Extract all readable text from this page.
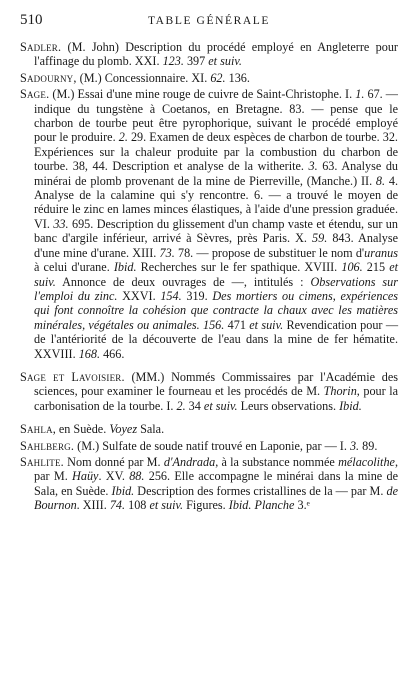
510	TABLE GÉNÉRALE

Sadler. (M. John) Description du procédé employé en Angleterre pour l'affinage du plomb. XXI. 123. 397 et suiv.

Sadourny, (M.) Concessionnaire. XI. 62. 136.

Sage. (M.) Essai d'une mine rouge de cuivre de Saint-Christophe. I. 1. 67. — indique du tungstène à Coetanos, en Bretagne. 83. — pense que le charbon de tourbe peut être pyrophorique, suivant le procédé employé pour le produire. 2. 29. Examen de deux espèces de charbon de tourbe. 32. Expériences sur la chaleur produite par la combustion du charbon de tourbe. 38, 44. Description et analyse de la witherite. 3. 63. Analyse du minérai de plomb provenant de la mine de Pierreville, (Manche.) II. 8. 4. Analyse de la calamine qui s'y rencontre. 6. — a trouvé le moyen de réduire le zinc en lames minces élastiques, à l'aide d'une pression graduée. VI. 33. 695. Description du glissement d'un champ vaste et étendu, sur un banc d'argile inférieur, arrivé à Sèvres, près Paris. X. 59. 843. Analyse d'une mine d'urane. XIII. 73. 78. — propose de substituer le nom d'uranus à celui d'urane. Ibid. Recherches sur le fer spathique. XVIII. 106. 215 et suiv. Annonce de deux ouvrages de —, intitulés : Observations sur l'emploi du zinc. XXVI. 154. 319. Des mortiers ou cimens, expériences qui font connoître la cohésion que contracte la chaux avec les matières minérales, végétales ou animales. 156. 471 et suiv. Revendication pour — de l'antériorité de la découverte de l'eau dans la mine de fer hématite. XXVIII. 168. 466.

Sage et Lavoisier. (MM.) Nommés Commissaires par l'Académie des sciences, pour examiner le fourneau et les procédés de M. Thorin, pour la carbonisation de la tourbe. I. 2. 34 et suiv. Leurs observations. Ibid.

Sahla, en Suède. Voyez Sala.

Sahlberg. (M.) Sulfate de soude natif trouvé en Laponie, par — I. 3. 89.

Sahlite. Nom donné par M. d'Andrada, à la substance nommée mélacolithe, par M. Haüy. XV. 88. 256. Elle accompagne le minérai dans la mine de Sala, en Suède. Ibid. Description des formes cristallines de la — par M. de Bournon. XIII. 74. 108 et suiv. Figures. Ibid. Planche 3.ᵉ
